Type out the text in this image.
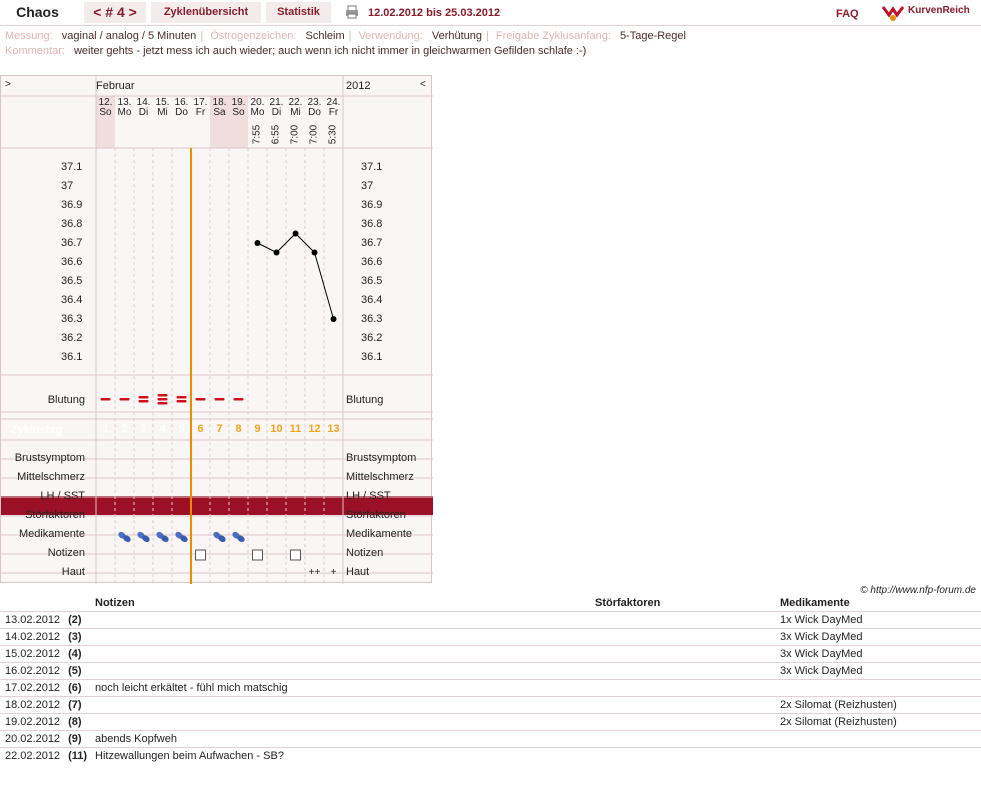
Chaos	< # 4 >	Zyklenübersicht	Statistik	12.02.2012 bis 25.03.2012	FAQ	KurvenReich
Messung: vaginal / analog / 5 Minuten | Östrogenzeichen: Schleim | Verwendung: Verhütung | Freigabe Zyklusanfang: 5-Tage-Regel
Kommentar: weiter gehts - jetzt mess ich auch wieder; auch wenn ich nicht immer in gleichwarmen Gefilden schlafe :-)
>	Februar	2012	<
Zyklustag
12.
So
13.
Mo
14.
Di
15.
Mi
16.
Do
17.
Fr
18.
Sa
19.
So
20.
Mo
7:55
21.
Di
6:55
22.
Mi
7:00
23.
Do
7:00
24.
Fr
5:30
37.1	37.1
37	37
36.9	36.9
36.8	36.8
36.7	36.7
36.6	36.6
36.5	36.5
36.4	36.4
36.3	36.3
36.2	36.2
36.1	36.1
Blutung	Blutung
Brustsymptom	Brustsymptom
Mittelschmerz	Mittelschmerz
LH / SST	LH / SST
Störfaktoren	Störfaktoren
Medikamente	Medikamente
Notizen	Notizen
Haut	Haut
1	2	3	4	5	6	7	8	9 10 11 12 13
++	+
© http://www.nfp-forum.de
	Notizen	Störfaktoren	Medikamente
13.02.2012 (2)			1x Wick DayMed
14.02.2012 (3)			3x Wick DayMed
15.02.2012 (4)			3x Wick DayMed
16.02.2012 (5)			3x Wick DayMed
17.02.2012 (6)	noch leicht erkältet - fühl mich matschig		
18.02.2012 (7)			2x Silomat (Reizhusten)
19.02.2012 (8)			2x Silomat (Reizhusten)
20.02.2012 (9)	abends Kopfweh		
22.02.2012 (11)	Hitzewallungen beim Aufwachen - SB?		
